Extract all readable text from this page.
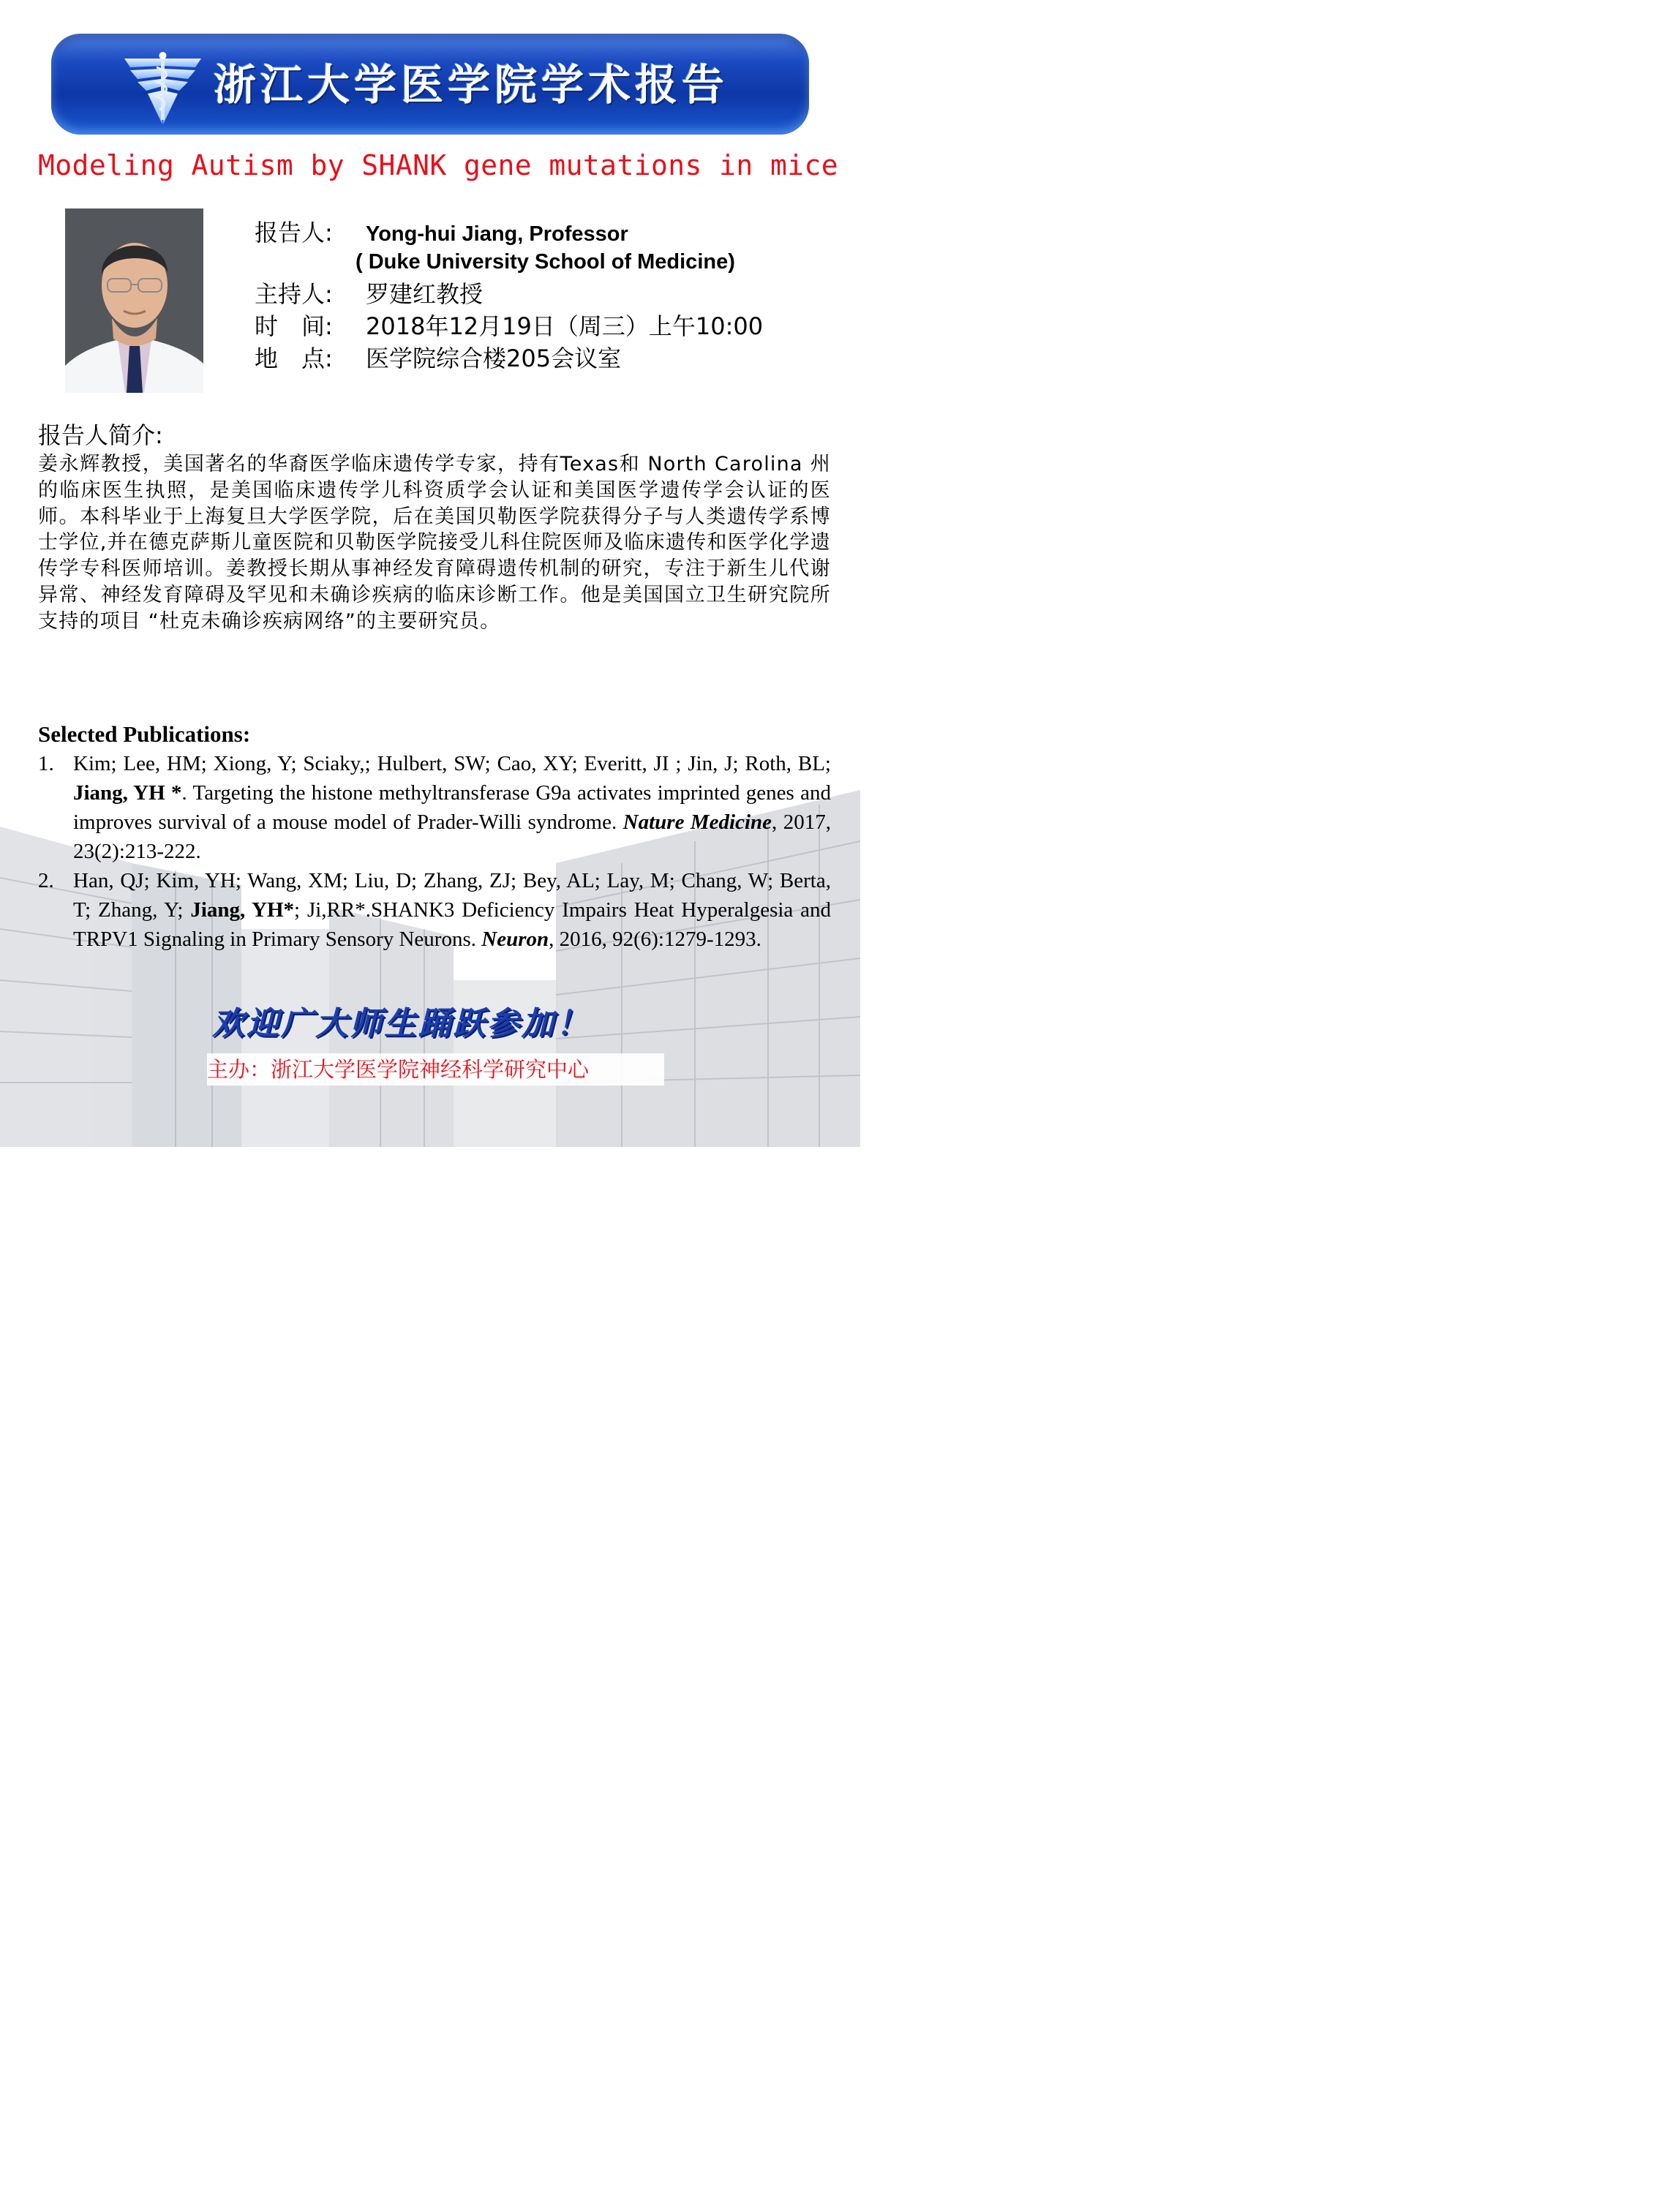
浙江大学医学院学术报告
Modeling Autism by SHANK gene mutations in mice
报告人: Yong-hui Jiang, Professor
( Duke University School of Medicine)
主持人: 罗建红教授
时　间: 2018年12月19日（周三）上午10:00
地　点: 医学院综合楼205会议室
报告人简介:
姜永辉教授，美国著名的华裔医学临床遗传学专家，持有Texas和 North Carolina 州的临床医生执照，是美国临床遗传学儿科资质学会认证和美国医学遗传学会认证的医师。本科毕业于上海复旦大学医学院，后在美国贝勒医学院获得分子与人类遗传学系博士学位,并在德克萨斯儿童医院和贝勒医学院接受儿科住院医师及临床遗传和医学化学遗传学专科医师培训。姜教授长期从事神经发育障碍遗传机制的研究，专注于新生儿代谢异常、神经发育障碍及罕见和未确诊疾病的临床诊断工作。他是美国国立卫生研究院所支持的项目 “杜克未确诊疾病网络”的主要研究员。
Selected Publications:
1. Kim; Lee, HM; Xiong, Y; Sciaky,; Hulbert, SW; Cao, XY; Everitt, JI ; Jin, J; Roth, BL; Jiang, YH *. Targeting the histone methyltransferase G9a activates imprinted genes and improves survival of a mouse model of Prader-Willi syndrome. Nature Medicine, 2017, 23(2):213-222.
2. Han, QJ; Kim, YH; Wang, XM; Liu, D; Zhang, ZJ; Bey, AL; Lay, M; Chang, W; Berta, T; Zhang, Y; Jiang, YH*; Ji,RR*.SHANK3 Deficiency Impairs Heat Hyperalgesia and TRPV1 Signaling in Primary Sensory Neurons. Neuron, 2016, 92(6):1279-1293.
欢迎广大师生踊跃参加！
主办：浙江大学医学院神经科学研究中心
